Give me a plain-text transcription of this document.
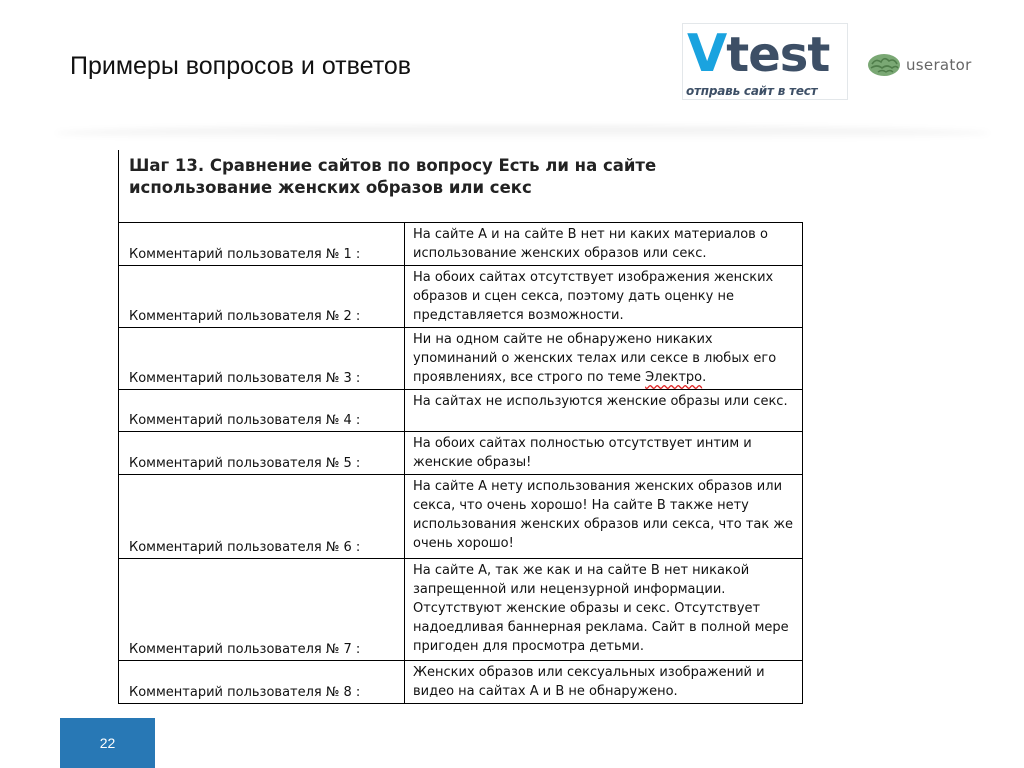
Примеры вопросов и ответов	Vtest
отправь сайт в тест
userator
Шаг 13. Сравнение сайтов по вопросу Есть ли на сайте
использование женских образов или секс
Комментарий пользователя № 1 :	На сайте А и на сайте В нет ни каких материалов о использование женских образов или секс.
Комментарий пользователя № 2 :	На обоих сайтах отсутствует изображения женских образов и сцен секса, поэтому дать оценку не представляется возможности.
Комментарий пользователя № 3 :	Ни на одном сайте не обнаружено никаких упоминаний о женских телах или сексе в любых его проявлениях, все строго по теме Электро.
Комментарий пользователя № 4 :	На сайтах не используются женские образы или секс.
Комментарий пользователя № 5 :	На обоих сайтах полностью отсутствует интим и женские образы!
Комментарий пользователя № 6 :	На сайте А нету использования женских образов или секса, что очень хорошо! На сайте В также нету использования женских образов или секса, что так же очень хорошо!
Комментарий пользователя № 7 :	На сайте А, так же как и на сайте В нет никакой запрещенной или нецензурной информации. Отсутствуют женские образы и секс. Отсутствует надоедливая баннерная реклама. Сайт в полной мере пригоден для просмотра детьми.
Комментарий пользователя № 8 :	Женских образов или сексуальных изображений и видео на сайтах А и В не обнаружено.
22
